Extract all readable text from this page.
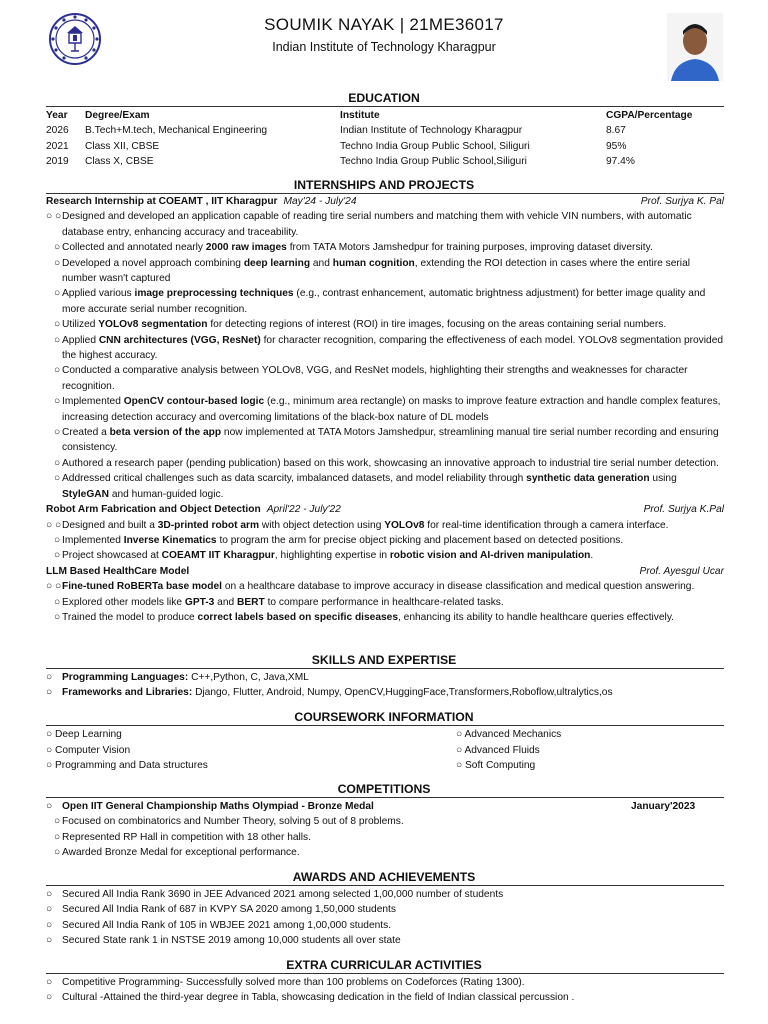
SOUMIK NAYAK | 21ME36017
Indian Institute of Technology Kharagpur
EDUCATION
Year	Degree/Exam	Institute	CGPA/Percentage
2026	B.Tech+M.tech, Mechanical Engineering	Indian Institute of Technology Kharagpur	8.67
2021	Class XII, CBSE	Techno India Group Public School, Siliguri	95%
2019	Class X, CBSE	Techno India Group Public School,Siliguri	97.4%
INTERNSHIPS AND PROJECTS
Research Internship at COEAMT , IIT Kharagpur May'24 - July'24	Prof. Surjya K. Pal
○ ○ Designed and developed an application capable of reading tire serial numbers and matching them with vehicle VIN numbers, with automatic database entry, enhancing accuracy and traceability.
○ Collected and annotated nearly 2000 raw images from TATA Motors Jamshedpur for training purposes, improving dataset diversity.
○ Developed a novel approach combining deep learning and human cognition, extending the ROI detection in cases where the entire serial number wasn't captured
○ Applied various image preprocessing techniques (e.g., contrast enhancement, automatic brightness adjustment) for better image quality and more accurate serial number recognition.
○ Utilized YOLOv8 segmentation for detecting regions of interest (ROI) in tire images, focusing on the areas containing serial numbers.
○ Applied CNN architectures (VGG, ResNet) for character recognition, comparing the effectiveness of each model. YOLOv8 segmentation provided the highest accuracy.
○ Conducted a comparative analysis between YOLOv8, VGG, and ResNet models, highlighting their strengths and weaknesses for character recognition.
○ Implemented OpenCV contour-based logic (e.g., minimum area rectangle) on masks to improve feature extraction and handle complex features, increasing detection accuracy and overcoming limitations of the black-box nature of DL models
○ Created a beta version of the app now implemented at TATA Motors Jamshedpur, streamlining manual tire serial number recording and ensuring consistency.
○ Authored a research paper (pending publication) based on this work, showcasing an innovative approach to industrial tire serial number detection.
○ Addressed critical challenges such as data scarcity, imbalanced datasets, and model reliability through synthetic data generation using StyleGAN and human-guided logic.
Robot Arm Fabrication and Object Detection April'22 - July'22	Prof. Surjya K.Pal
○ ○ Designed and built a 3D-printed robot arm with object detection using YOLOv8 for real-time identification through a camera interface.
○ Implemented Inverse Kinematics to program the arm for precise object picking and placement based on detected positions.
○ Project showcased at COEAMT IIT Kharagpur, highlighting expertise in robotic vision and AI-driven manipulation.
LLM Based HealthCare Model	Prof. Ayesgul Ucar
○ ○ Fine-tuned RoBERTa base model on a healthcare database to improve accuracy in disease classification and medical question answering.
○ Explored other models like GPT-3 and BERT to compare performance in healthcare-related tasks.
○ Trained the model to produce correct labels based on specific diseases, enhancing its ability to handle healthcare queries effectively.
SKILLS AND EXPERTISE
○ Programming Languages: C++,Python, C, Java,XML
○ Frameworks and Libraries: Django, Flutter, Android, Numpy, OpenCV,HuggingFace,Transformers,Roboflow,ultralytics,os
COURSEWORK INFORMATION
○ Deep Learning	○ Advanced Mechanics
○ Computer Vision	○ Advanced Fluids
○ Programming and Data structures	○ Soft Computing
COMPETITIONS
○ Open IIT General Championship Maths Olympiad - Bronze Medal	January'2023
○ Focused on combinatorics and Number Theory, solving 5 out of 8 problems.
○ Represented RP Hall in competition with 18 other halls.
○ Awarded Bronze Medal for exceptional performance.
AWARDS AND ACHIEVEMENTS
○ Secured All India Rank 3690 in JEE Advanced 2021 among selected 1,00,000 number of students
○ Secured All India Rank of 687 in KVPY SA 2020 among 1,50,000 students
○ Secured All India Rank of 105 in WBJEE 2021 among 1,00,000 students.
○ Secured State rank 1 in NSTSE 2019 among 10,000 students all over state
EXTRA CURRICULAR ACTIVITIES
○ Competitive Programming- Successfully solved more than 100 problems on Codeforces (Rating 1300).
○ Cultural -Attained the third-year degree in Tabla, showcasing dedication in the field of Indian classical percussion .
